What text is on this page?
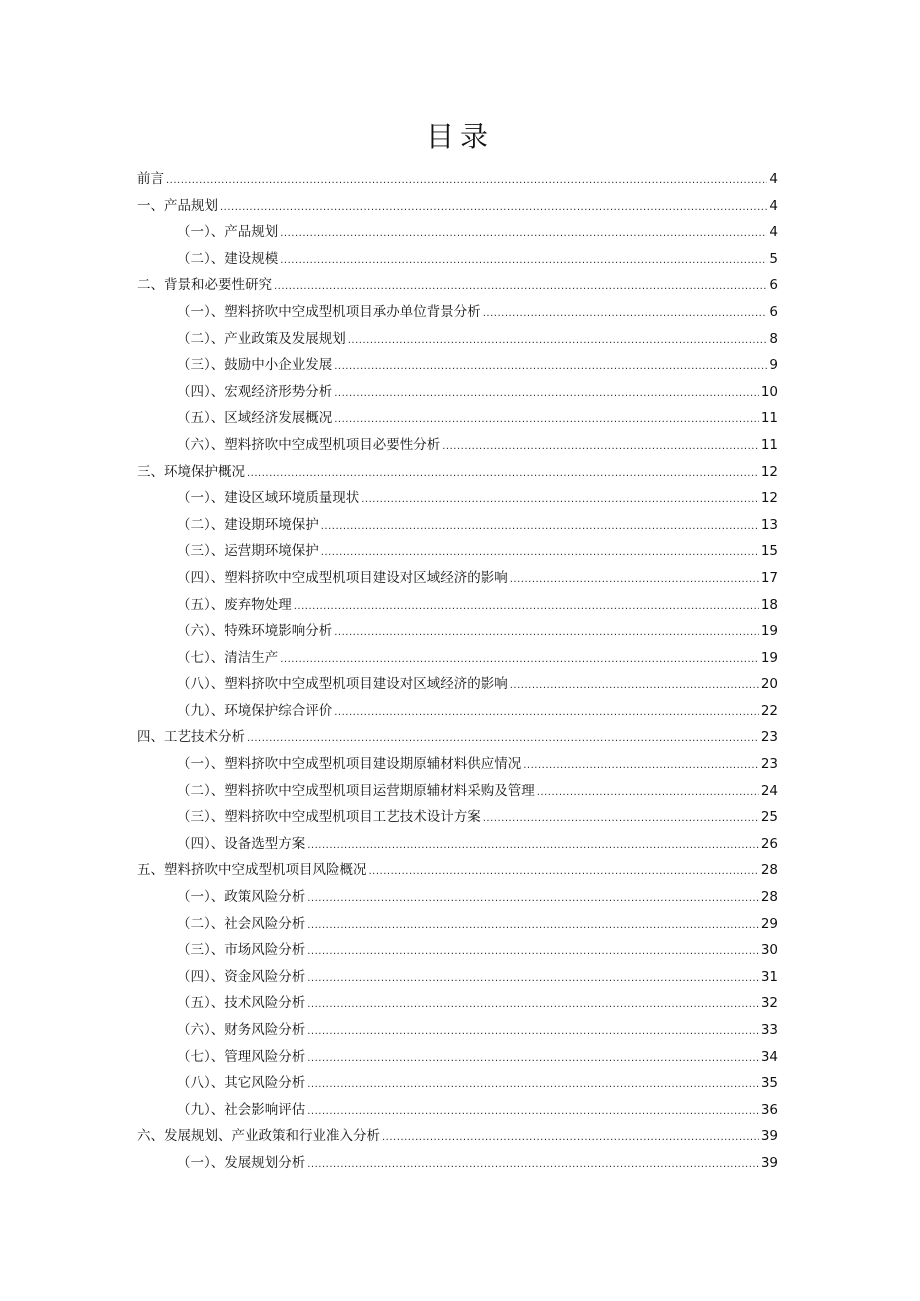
目录
前言 .....	4
一、产品规划 .....	4
（一）、产品规划 .....	4
（二）、建设规模 .....	5
二、背景和必要性研究 .....	6
（一）、塑料挤吹中空成型机项目承办单位背景分析 .....	6
（二）、产业政策及发展规划 .....	8
（三）、鼓励中小企业发展 .....	9
（四）、宏观经济形势分析 .....	10
（五）、区域经济发展概况 .....	11
（六）、塑料挤吹中空成型机项目必要性分析 .....	11
三、环境保护概况 .....	12
（一）、建设区域环境质量现状 .....	12
（二）、建设期环境保护 .....	13
（三）、运营期环境保护 .....	15
（四）、塑料挤吹中空成型机项目建设对区域经济的影响 .....	17
（五）、废弃物处理 .....	18
（六）、特殊环境影响分析 .....	19
（七）、清洁生产 .....	19
（八）、塑料挤吹中空成型机项目建设对区域经济的影响 .....	20
（九）、环境保护综合评价 .....	22
四、工艺技术分析 .....	23
（一）、塑料挤吹中空成型机项目建设期原辅材料供应情况 .....	23
（二）、塑料挤吹中空成型机项目运营期原辅材料采购及管理 .....	24
（三）、塑料挤吹中空成型机项目工艺技术设计方案 .....	25
（四）、设备选型方案 .....	26
五、塑料挤吹中空成型机项目风险概况 .....	28
（一）、政策风险分析 .....	28
（二）、社会风险分析 .....	29
（三）、市场风险分析 .....	30
（四）、资金风险分析 .....	31
（五）、技术风险分析 .....	32
（六）、财务风险分析 .....	33
（七）、管理风险分析 .....	34
（八）、其它风险分析 .....	35
（九）、社会影响评估 .....	36
六、发展规划、产业政策和行业准入分析 .....	39
（一）、发展规划分析 .....	39
